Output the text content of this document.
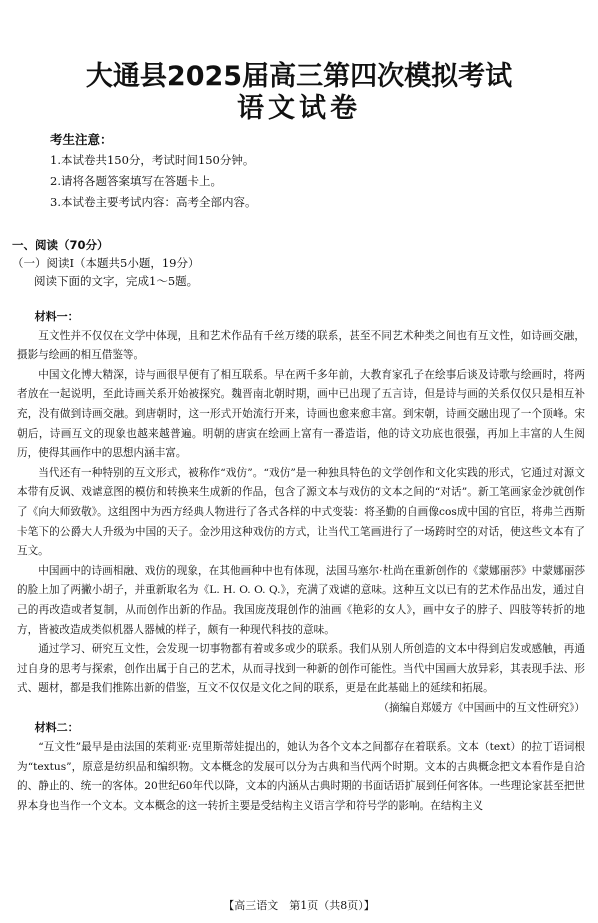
大通县2025届高三第四次模拟考试
语文试卷
考生注意：
1.本试卷共150分，考试时间150分钟。
2.请将各题答案填写在答题卡上。
3.本试卷主要考试内容：高考全部内容。
一、阅读（70分）
（一）阅读Ⅰ（本题共5小题，19分）
阅读下面的文字，完成1～5题。

材料一：

互文性并不仅仅在文学中体现，且和艺术作品有千丝万缕的联系，甚至不同艺术种类之间也有互文性，如诗画交融，摄影与绘画的相互借鉴等。

中国文化博大精深，诗与画很早便有了相互联系。早在两千多年前，大教育家孔子在绘事后谈及诗歌与绘画时，将两者放在一起说明，至此诗画关系开始被探究。魏晋南北朝时期，画中已出现了五言诗，但是诗与画的关系仅仅只是相互补充，没有做到诗画交融。到唐朝时，这一形式开始流行开来，诗画也愈来愈丰富。到宋朝，诗画交融出现了一个顶峰。宋朝后，诗画互文的现象也越来越普遍。明朝的唐寅在绘画上富有一番造诣，他的诗文功底也很强，再加上丰富的人生阅历，使得其画作中的思想内涵丰富。

当代还有一种特别的互文形式，被称作“戏仿”。“戏仿”是一种独具特色的文学创作和文化实践的形式，它通过对源文本带有反讽、戏谑意图的模仿和转换来生成新的作品，包含了源文本与戏仿的文本之间的“对话”。新工笔画家金沙就创作了《向大师致敬》。这组图中为西方经典人物进行了各式各样的中式变装：将圣勤的自画像cos成中国的官臣，将弗兰西斯卡笔下的公爵大人升级为中国的天子。金沙用这种戏仿的方式，让当代工笔画进行了一场跨时空的对话，使这些文本有了互文。

中国画中的诗画相融、戏仿的现象，在其他画种中也有体现，法国马塞尔·杜尚在重新创作的《蒙娜丽莎》中蒙娜丽莎的脸上加了两撇小胡子，并重新取名为《L. H. O. O. Q.》，充满了戏谑的意味。这种互文以已有的艺术作品出发，通过自己的再改造或者复制，从而创作出新的作品。我国庞茂琨创作的油画《艳彩的女人》，画中女子的脖子、四肢等转折的地方，皆被改造成类似机器人器械的样子，颇有一种现代科技的意味。

通过学习、研究互文性，会发现一切事物都有着或多或少的联系。我们从别人所创造的文本中得到启发或感触，再通过自身的思考与探索，创作出属于自己的艺术，从而寻找到一种新的创作可能性。当代中国画大放异彩，其表现手法、形式、题材，都是我们推陈出新的借鉴，互文不仅仅是文化之间的联系，更是在此基础上的延续和拓展。

（摘编自郑媛方《中国画中的互文性研究》）

材料二：

“互文性”最早是由法国的茱莉亚·克里斯蒂娃提出的，她认为各个文本之间都存在着联系。文本（text）的拉丁语词根为“textus”，原意是纺织品和编织物。文本概念的发展可以分为古典和当代两个时期。文本的古典概念把文本看作是自洽的、静止的、统一的客体。20世纪60年代以降，文本的内涵从古典时期的书面话语扩展到任何客体。一些理论家甚至把世界本身也当作一个文本。文本概念的这一转折主要是受结构主义语言学和符号学的影响。在结构主义

【高三语文　第1页（共8页）】
